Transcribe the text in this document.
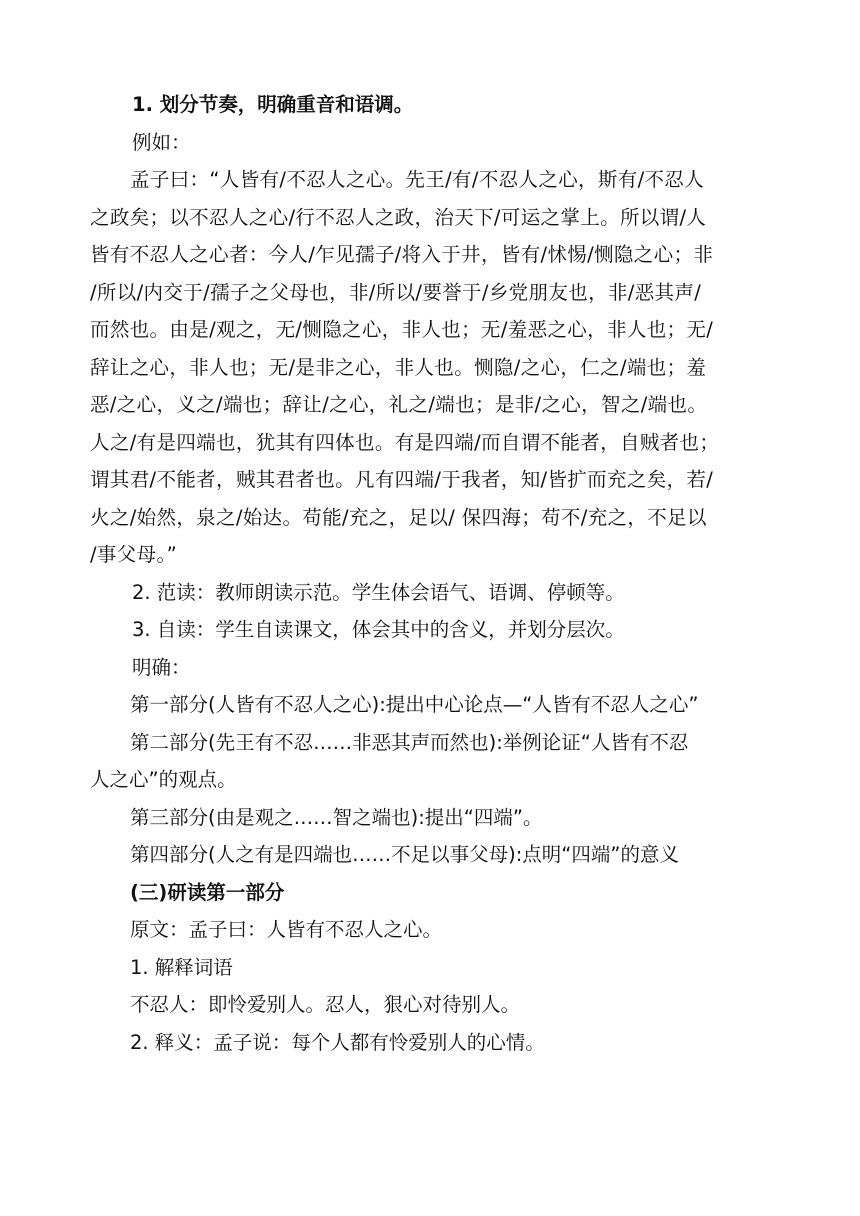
1. 划分节奏，明确重音和语调。

例如：

孟子曰：“人皆有/不忍人之心。先王/有/不忍人之心，斯有/不忍人
之政矣；以不忍人之心/行不忍人之政，治天下/可运之掌上。所以谓/人
皆有不忍人之心者：今人/乍见孺子/将入于井，皆有/怵惕/恻隐之心；非
/所以/内交于/孺子之父母也，非/所以/要誉于/乡党朋友也，非/恶其声/
而然也。由是/观之，无/恻隐之心，非人也；无/羞恶之心，非人也；无/
辞让之心，非人也；无/是非之心，非人也。恻隐/之心，仁之/端也；羞
恶/之心，义之/端也；辞让/之心，礼之/端也；是非/之心，智之/端也。
人之/有是四端也，犹其有四体也。有是四端/而自谓不能者，自贼者也；
谓其君/不能者，贼其君者也。凡有四端/于我者，知/皆扩而充之矣，若/
火之/始然，泉之/始达。苟能/充之，足以/ 保四海；苟不/充之，不足以
/事父母。”

2. 范读：教师朗读示范。学生体会语气、语调、停顿等。

3. 自读：学生自读课文，体会其中的含义，并划分层次。

明确：

第一部分(人皆有不忍人之心):提出中心论点—“人皆有不忍人之心”

第二部分(先王有不忍……非恶其声而然也):举例论证“人皆有不忍

人之心”的观点。

第三部分(由是观之……智之端也):提出“四端”。

第四部分(人之有是四端也……不足以事父母):点明“四端”的意义

(三)研读第一部分

原文：孟子曰：人皆有不忍人之心。

1. 解释词语

不忍人：即怜爱别人。忍人，狠心对待别人。

2. 释义：孟子说：每个人都有怜爱别人的心情。
